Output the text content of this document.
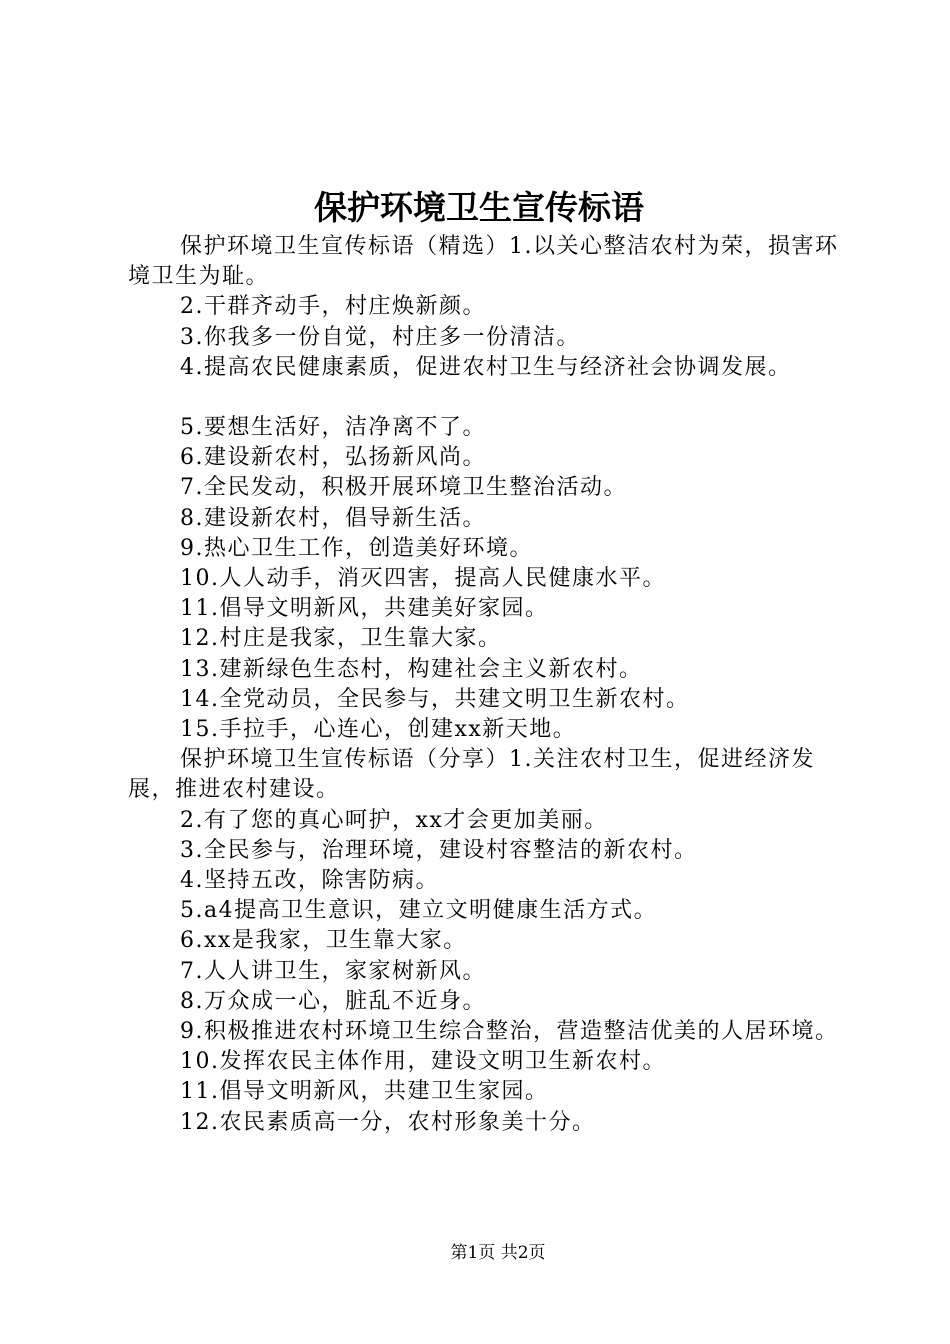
保护环境卫生宣传标语

保护环境卫生宣传标语（精选）1.以关心整洁农村为荣，损害环境卫生为耻。

2.干群齐动手，村庄焕新颜。

3.你我多一份自觉，村庄多一份清洁。

4.提高农民健康素质，促进农村卫生与经济社会协调发展。

5.要想生活好，洁净离不了。

6.建设新农村，弘扬新风尚。

7.全民发动，积极开展环境卫生整治活动。

8.建设新农村，倡导新生活。

9.热心卫生工作，创造美好环境。

10.人人动手，消灭四害，提高人民健康水平。

11.倡导文明新风，共建美好家园。

12.村庄是我家，卫生靠大家。

13.建新绿色生态村，构建社会主义新农村。

14.全党动员，全民参与，共建文明卫生新农村。

15.手拉手，心连心，创建xx新天地。

保护环境卫生宣传标语（分享）1.关注农村卫生，促进经济发展，推进农村建设。

2.有了您的真心呵护，xx才会更加美丽。

3.全民参与，治理环境，建设村容整洁的新农村。

4.坚持五改，除害防病。

5.a4提高卫生意识，建立文明健康生活方式。

6.xx是我家，卫生靠大家。

7.人人讲卫生，家家树新风。

8.万众成一心，脏乱不近身。

9.积极推进农村环境卫生综合整治，营造整洁优美的人居环境。

10.发挥农民主体作用，建设文明卫生新农村。

11.倡导文明新风，共建卫生家园。

12.农民素质高一分，农村形象美十分。

第1页 共2页
